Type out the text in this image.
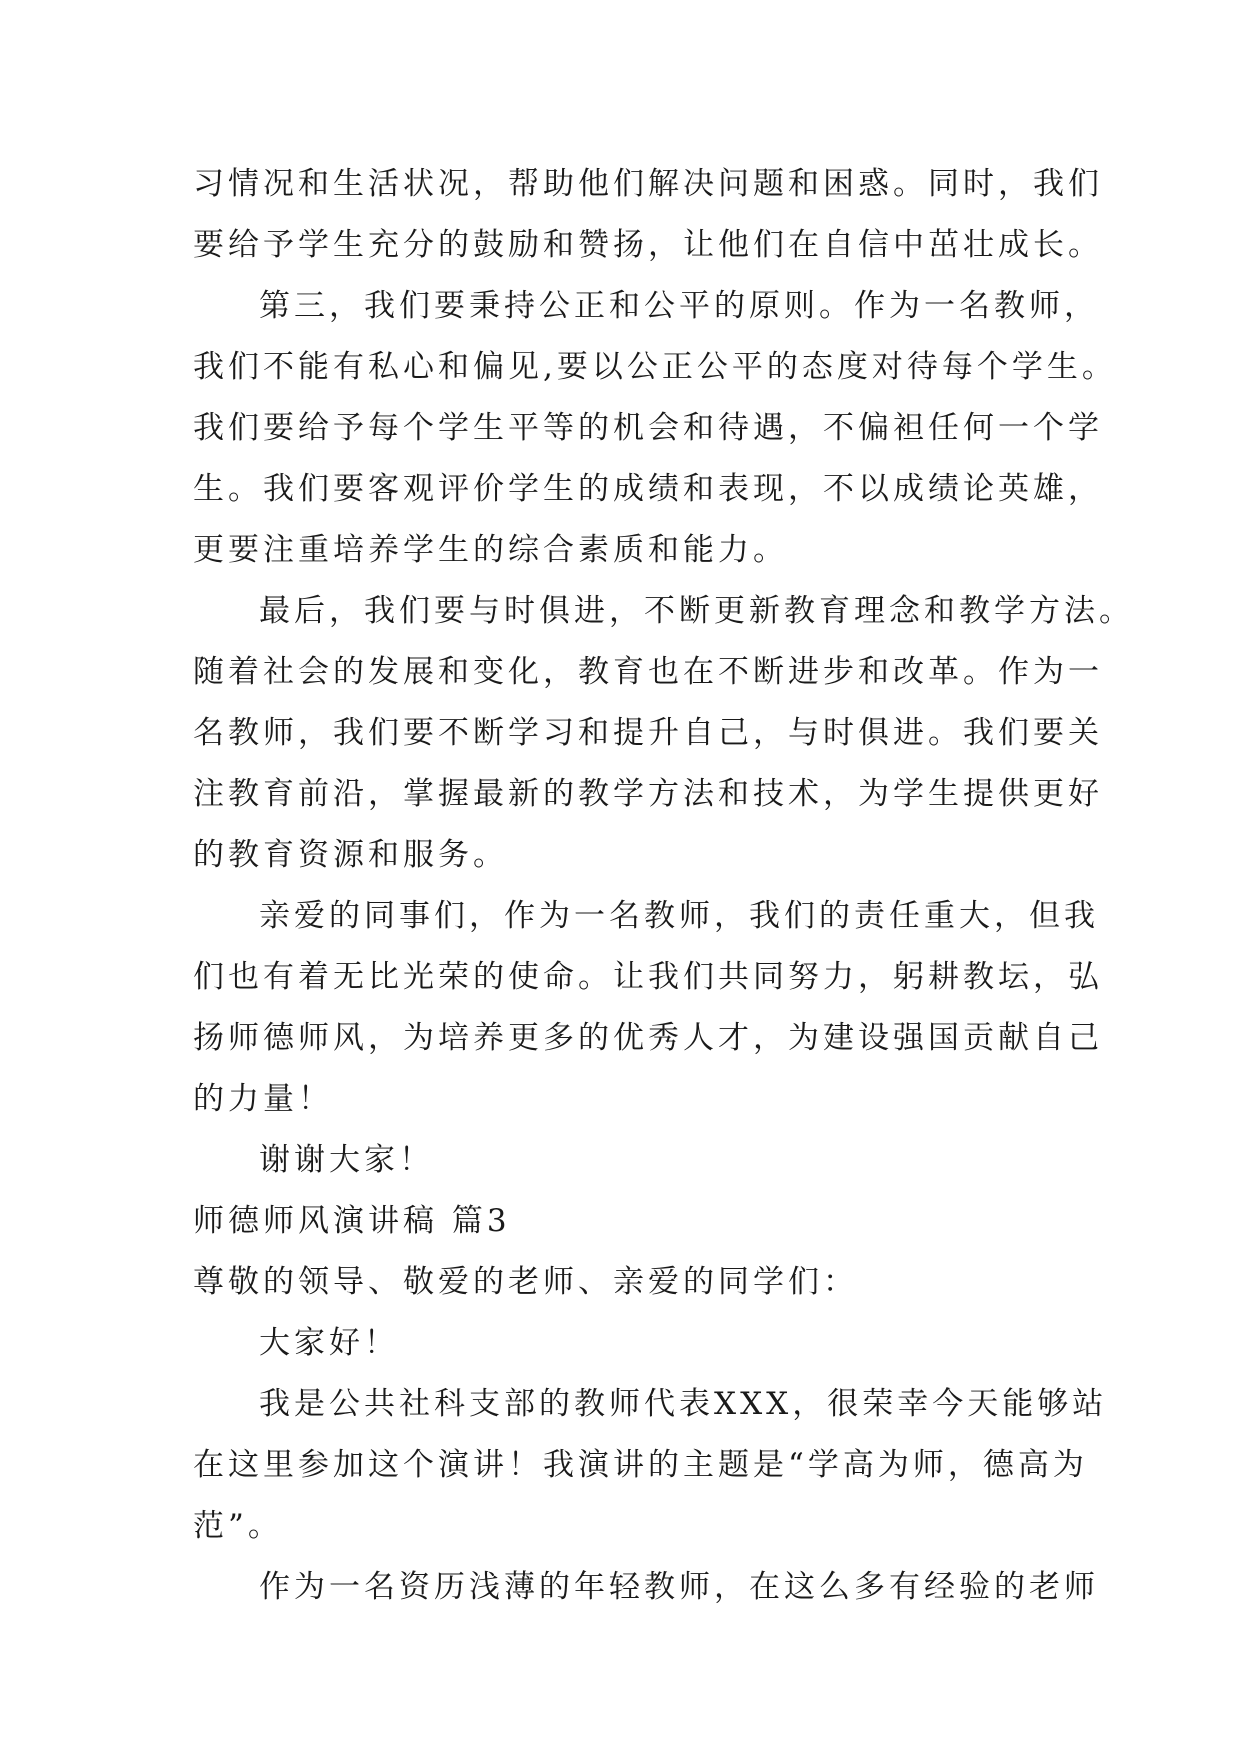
习情况和生活状况，帮助他们解决问题和困惑。同时，我们
要给予学生充分的鼓励和赞扬，让他们在自信中茁壮成长。
第三，我们要秉持公正和公平的原则。作为一名教师，
我们不能有私心和偏见,要以公正公平的态度对待每个学生。
我们要给予每个学生平等的机会和待遇，不偏袒任何一个学
生。我们要客观评价学生的成绩和表现，不以成绩论英雄，
更要注重培养学生的综合素质和能力。
最后，我们要与时俱进，不断更新教育理念和教学方法。
随着社会的发展和变化，教育也在不断进步和改革。作为一
名教师，我们要不断学习和提升自己，与时俱进。我们要关
注教育前沿，掌握最新的教学方法和技术，为学生提供更好
的教育资源和服务。
亲爱的同事们，作为一名教师，我们的责任重大，但我
们也有着无比光荣的使命。让我们共同努力，躬耕教坛，弘
扬师德师风，为培养更多的优秀人才，为建设强国贡献自己
的力量！
谢谢大家！
师德师风演讲稿 篇3
尊敬的领导、敬爱的老师、亲爱的同学们：
大家好！
我是公共社科支部的教师代表XXX，很荣幸今天能够站
在这里参加这个演讲！我演讲的主题是“学高为师，德高为
范”。
作为一名资历浅薄的年轻教师，在这么多有经验的老师
